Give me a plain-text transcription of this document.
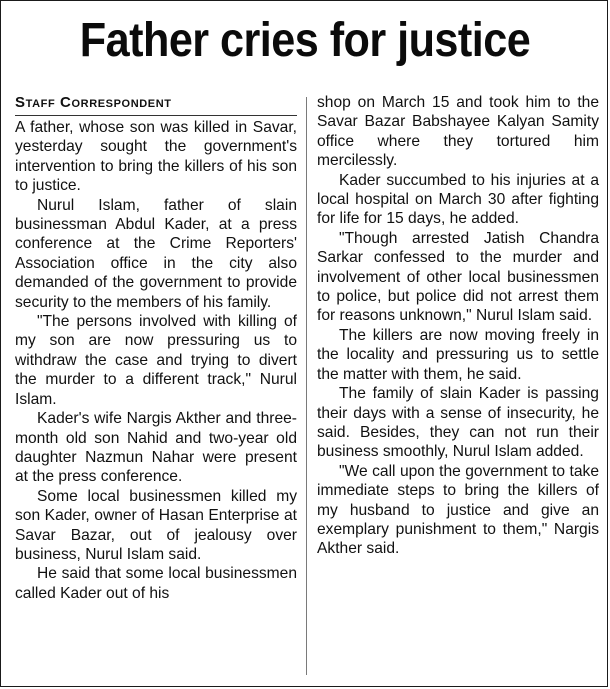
Father cries for justice
Staff Correspondent

A father, whose son was killed in Savar, yesterday sought the government's intervention to bring the killers of his son to justice.

Nurul Islam, father of slain businessman Abdul Kader, at a press conference at the Crime Reporters' Association office in the city also demanded of the government to provide security to the members of his family.

"The persons involved with killing of my son are now pressuring us to withdraw the case and trying to divert the murder to a different track," Nurul Islam.

Kader's wife Nargis Akther and three-month old son Nahid and two-year old daughter Nazmun Nahar were present at the press conference.

Some local businessmen killed my son Kader, owner of Hasan Enterprise at Savar Bazar, out of jealousy over business, Nurul Islam said.

He said that some local businessmen called Kader out of his

shop on March 15 and took him to the Savar Bazar Babshayee Kalyan Samity office where they tortured him mercilessly.

Kader succumbed to his injuries at a local hospital on March 30 after fighting for life for 15 days, he added.

"Though arrested Jatish Chandra Sarkar confessed to the murder and involvement of other local businessmen to police, but police did not arrest them for reasons unknown," Nurul Islam said.

The killers are now moving freely in the locality and pressuring us to settle the matter with them, he said.

The family of slain Kader is passing their days with a sense of insecurity, he said. Besides, they can not run their business smoothly, Nurul Islam added.

"We call upon the government to take immediate steps to bring the killers of my husband to justice and give an exemplary punishment to them," Nargis Akther said.
